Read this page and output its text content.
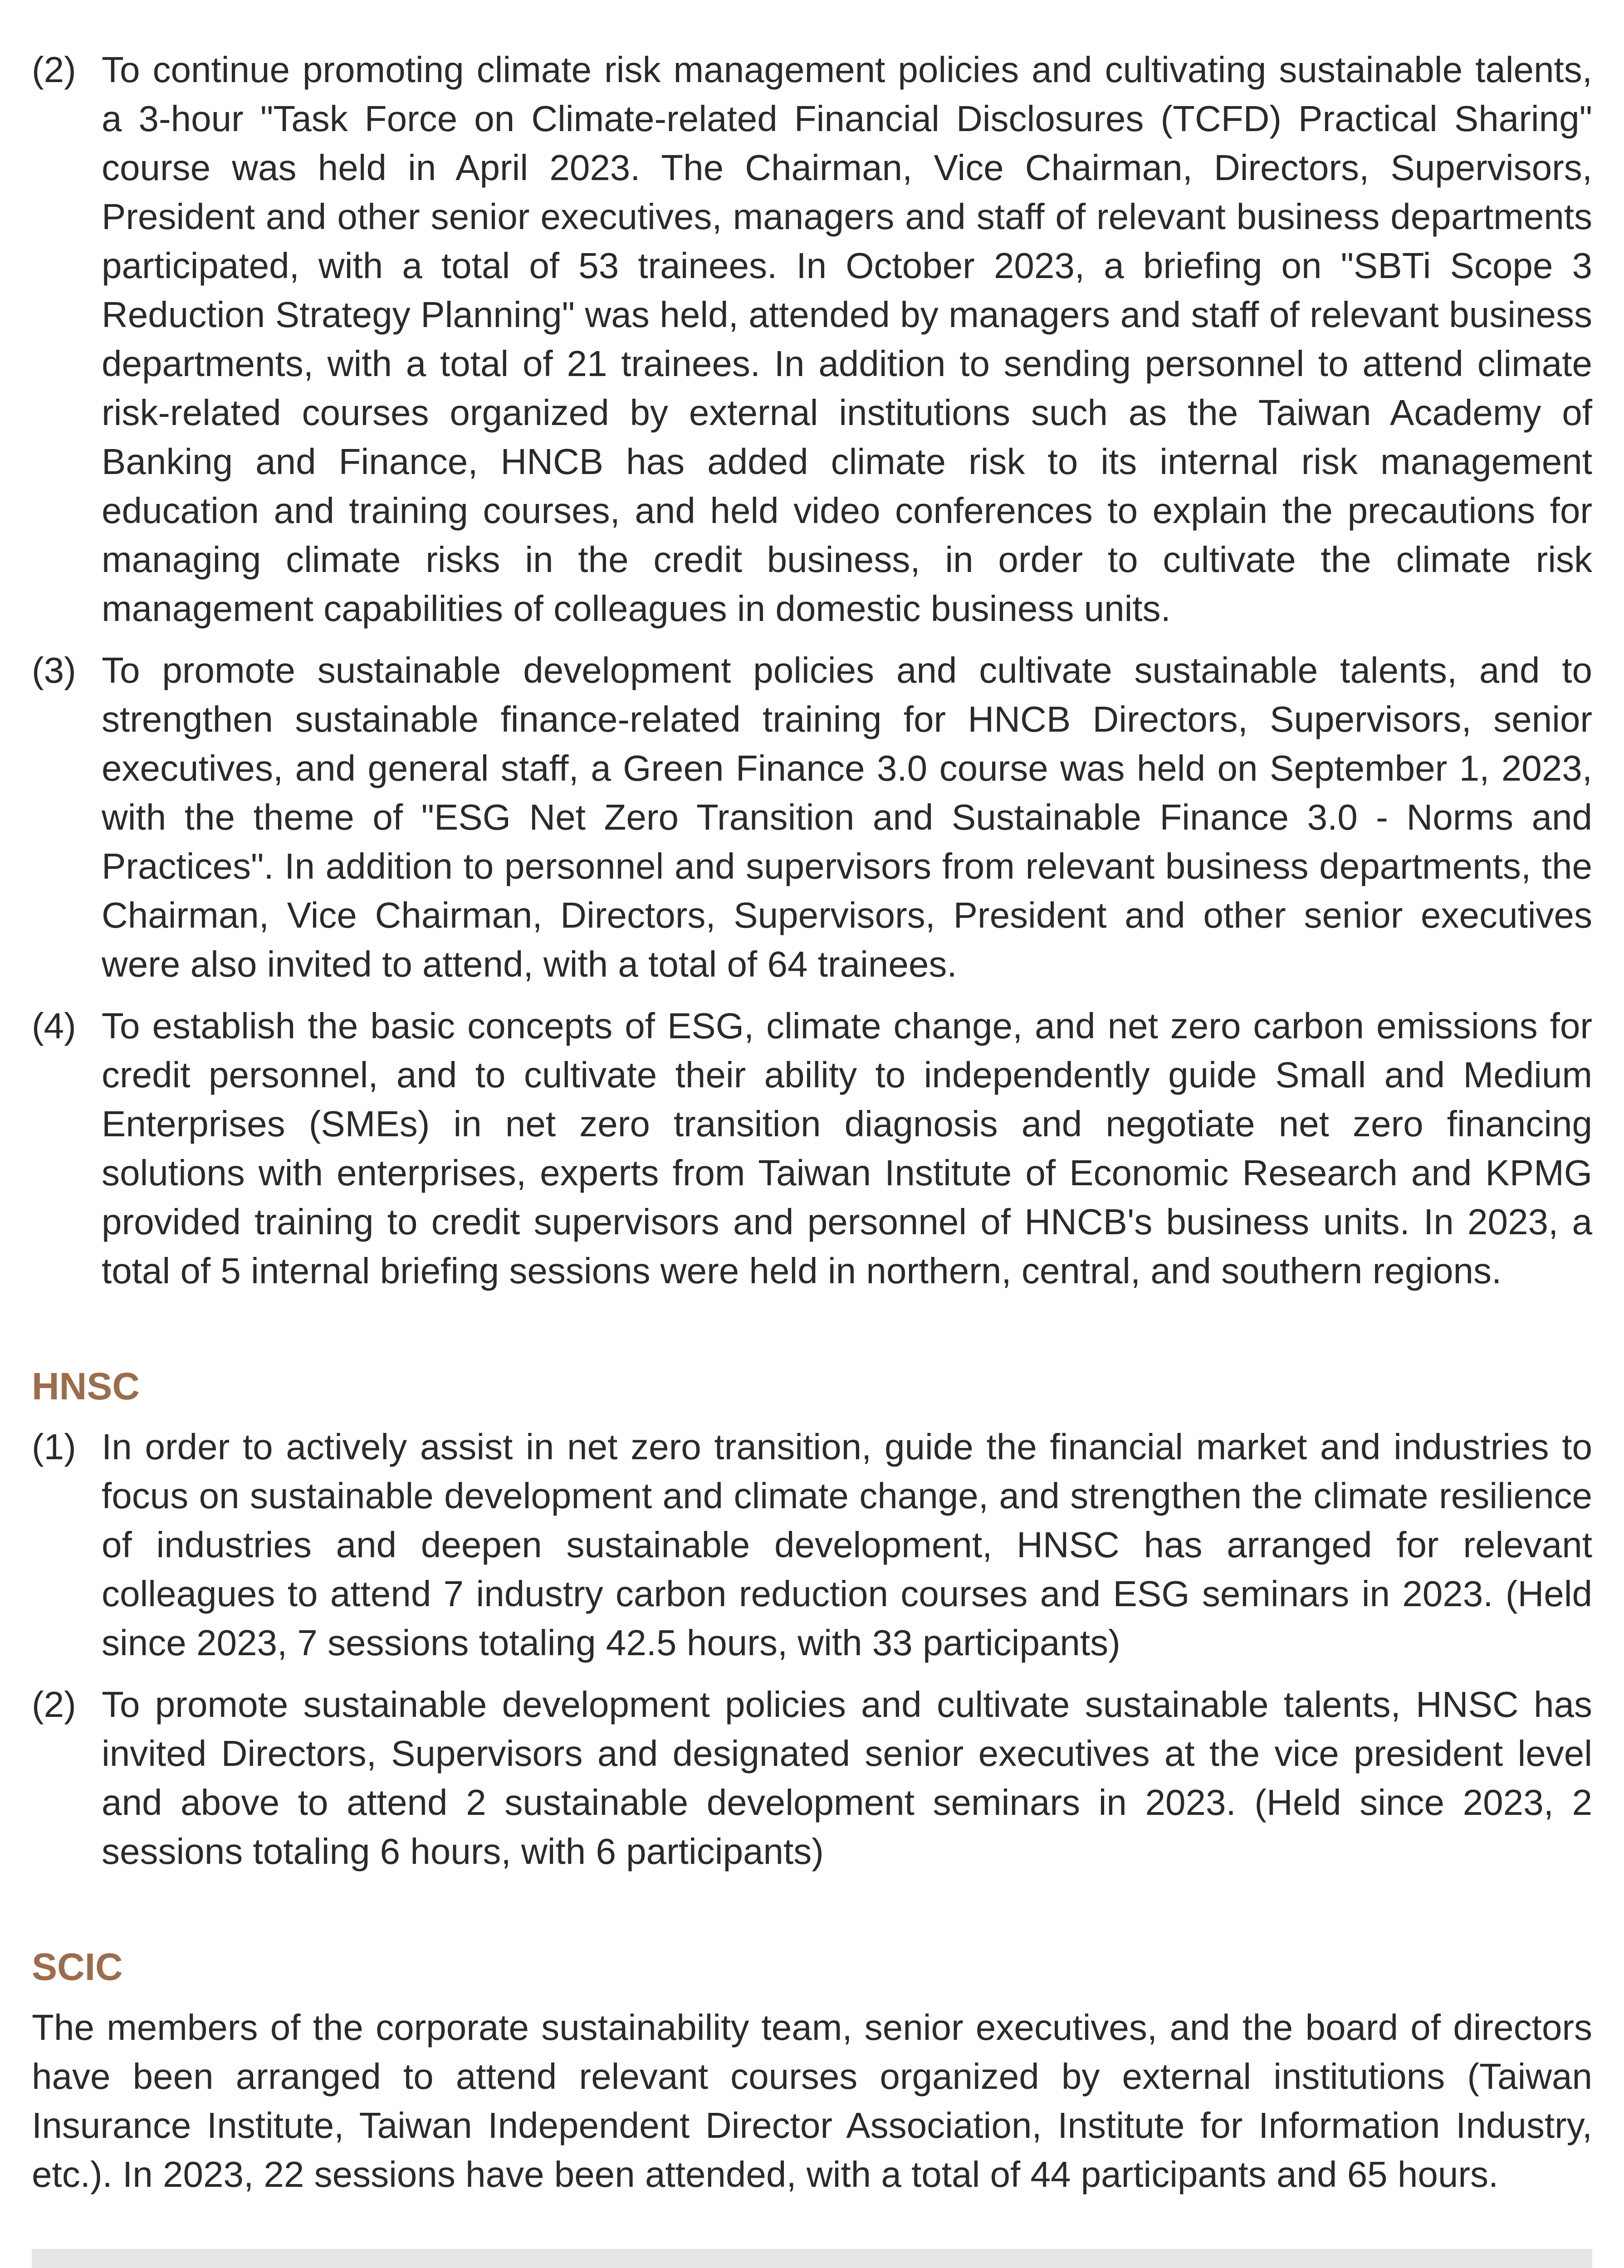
(2) To continue promoting climate risk management policies and cultivating sustainable talents, a 3-hour "Task Force on Climate-related Financial Disclosures (TCFD) Practical Sharing" course was held in April 2023. The Chairman, Vice Chairman, Directors, Supervisors, President and other senior executives, managers and staff of relevant business departments participated, with a total of 53 trainees. In October 2023, a briefing on "SBTi Scope 3 Reduction Strategy Planning" was held, attended by managers and staff of relevant business departments, with a total of 21 trainees. In addition to sending personnel to attend climate risk-related courses organized by external institutions such as the Taiwan Academy of Banking and Finance, HNCB has added climate risk to its internal risk management education and training courses, and held video conferences to explain the precautions for managing climate risks in the credit business, in order to cultivate the climate risk management capabilities of colleagues in domestic business units.
(3) To promote sustainable development policies and cultivate sustainable talents, and to strengthen sustainable finance-related training for HNCB Directors, Supervisors, senior executives, and general staff, a Green Finance 3.0 course was held on September 1, 2023, with the theme of "ESG Net Zero Transition and Sustainable Finance 3.0 - Norms and Practices". In addition to personnel and supervisors from relevant business departments, the Chairman, Vice Chairman, Directors, Supervisors, President and other senior executives were also invited to attend, with a total of 64 trainees.
(4) To establish the basic concepts of ESG, climate change, and net zero carbon emissions for credit personnel, and to cultivate their ability to independently guide Small and Medium Enterprises (SMEs) in net zero transition diagnosis and negotiate net zero financing solutions with enterprises, experts from Taiwan Institute of Economic Research and KPMG provided training to credit supervisors and personnel of HNCB's business units. In 2023, a total of 5 internal briefing sessions were held in northern, central, and southern regions.
HNSC
(1) In order to actively assist in net zero transition, guide the financial market and industries to focus on sustainable development and climate change, and strengthen the climate resilience of industries and deepen sustainable development, HNSC has arranged for relevant colleagues to attend 7 industry carbon reduction courses and ESG seminars in 2023. (Held since 2023, 7 sessions totaling 42.5 hours, with 33 participants)
(2) To promote sustainable development policies and cultivate sustainable talents, HNSC has invited Directors, Supervisors and designated senior executives at the vice president level and above to attend 2 sustainable development seminars in 2023. (Held since 2023, 2 sessions totaling 6 hours, with 6 participants)
SCIC

The members of the corporate sustainability team, senior executives, and the board of directors have been arranged to attend relevant courses organized by external institutions (Taiwan Insurance Institute, Taiwan Independent Director Association, Institute for Information Industry, etc.). In 2023, 22 sessions have been attended, with a total of 44 participants and 65 hours.
